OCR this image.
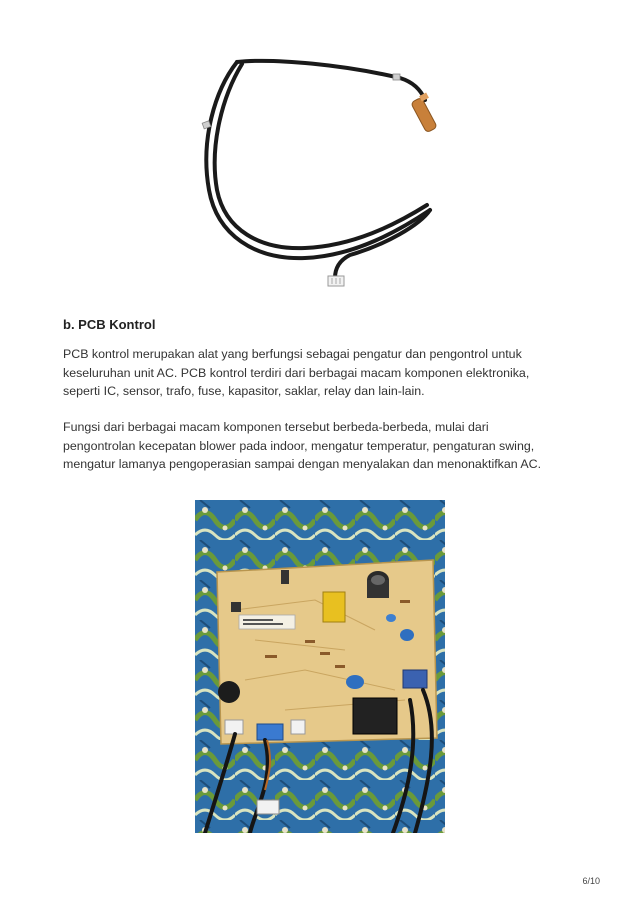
b. PCB Kontrol

PCB kontrol merupakan alat yang berfungsi sebagai pengatur dan pengontrol untuk
keseluruhan unit AC. PCB kontrol terdiri dari berbagai macam komponen elektronika,
seperti IC, sensor, trafo, fuse, kapasitor, saklar, relay dan lain-lain.

Fungsi dari berbagai macam komponen tersebut berbeda-berbeda, mulai dari
pengontrolan kecepatan blower pada indoor, mengatur temperatur, pengaturan swing,
mengatur lamanya pengoperasian sampai dengan menyalakan dan menonaktifkan AC.

6/10
